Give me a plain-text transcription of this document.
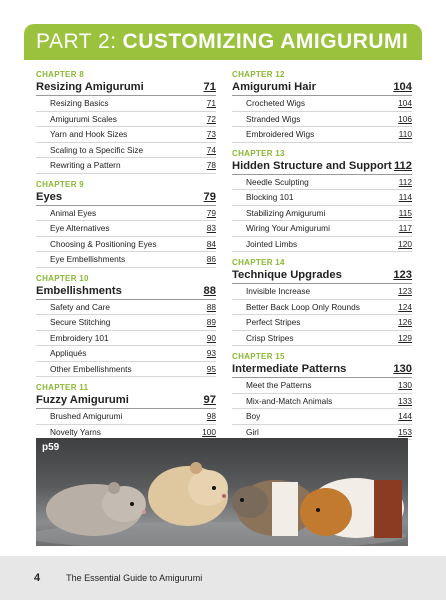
PART 2: CUSTOMIZING AMIGURUMI
CHAPTER 8
Resizing Amigurumi	71
Resizing Basics	71
Amigurumi Scales	72
Yarn and Hook Sizes	73
Scaling to a Specific Size	74
Rewriting a Pattern	78
CHAPTER 9
Eyes	79
Animal Eyes	79
Eye Alternatives	83
Choosing & Positioning Eyes	84
Eye Embellishments	86
CHAPTER 10
Embellishments	88
Safety and Care	88
Secure Stitching	89
Embroidery 101	90
Appliqués	93
Other Embellishments	95
CHAPTER 11
Fuzzy Amigurumi	97
Brushed Amigurumi	98
Novelty Yarns	100
CHAPTER 12
Amigurumi Hair	104
Crocheted Wigs	104
Stranded Wigs	106
Embroidered Wigs	110
CHAPTER 13
Hidden Structure and Support 112
Needle Sculpting	112
Blocking 101	114
Stabilizing Amigurumi	115
Wiring Your Amigurumi	117
Jointed Limbs	120
CHAPTER 14
Technique Upgrades	123
Invisible Increase	123
Better Back Loop Only Rounds	124
Perfect Stripes	126
Crisp Stripes	129
CHAPTER 15
Intermediate Patterns	130
Meet the Patterns	130
Mix-and-Match Animals	133
Boy	144
Girl	153
p59
4	The Essential Guide to Amigurumi
